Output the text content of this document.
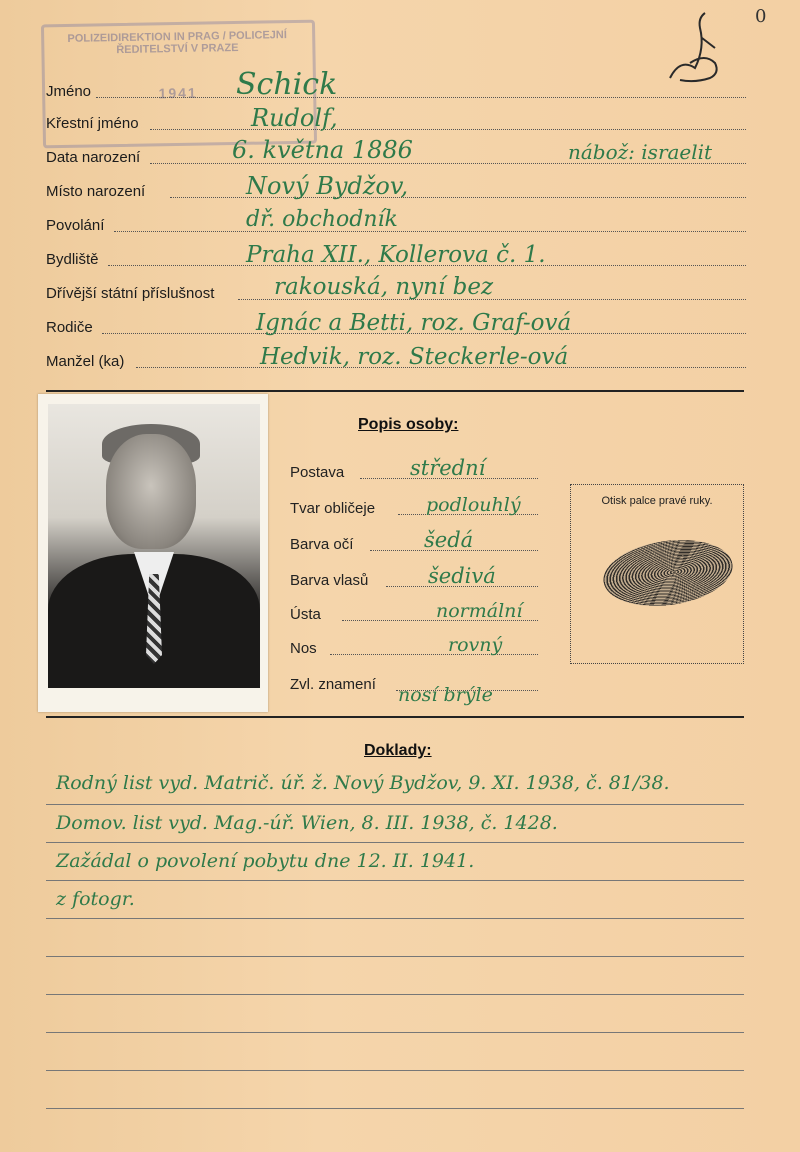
POLIZEIDIREKTION IN PRAG / POLICEJNÍ ŘEDITELSTVÍ V PRAZE
1941
0
Jméno	Schick
Křestní jméno	Rudolf,
Data narození	6. května 1886	nábož: israelit
Místo narození	Nový Bydžov,
Povolání	dř. obchodník
Bydliště	Praha XII., Kollerova č. 1.
Dřívější státní příslušnost	rakouská, nyní bez
Rodiče	Ignác a Betti, roz. Graf-ová
Manžel (ka)	Hedvik, roz. Steckerle-ová
Popis osoby:
Postava	střední
Tvar obličeje	podlouhlý
Barva očí	šedá
Barva vlasů	šedivá
Ústa	normální
Nos	rovný
Zvl. znamení nosí brýle
Otisk palce pravé ruky.
Doklady:
Rodný list vyd. Matrič. úř. ž. Nový Bydžov, 9. XI. 1938, č. 81/38.
Domov. list vyd. Mag.-úř. Wien, 8. III. 1938, č. 1428.
Zažádal o povolení pobytu dne 12. II. 1941.
z fotogr.
